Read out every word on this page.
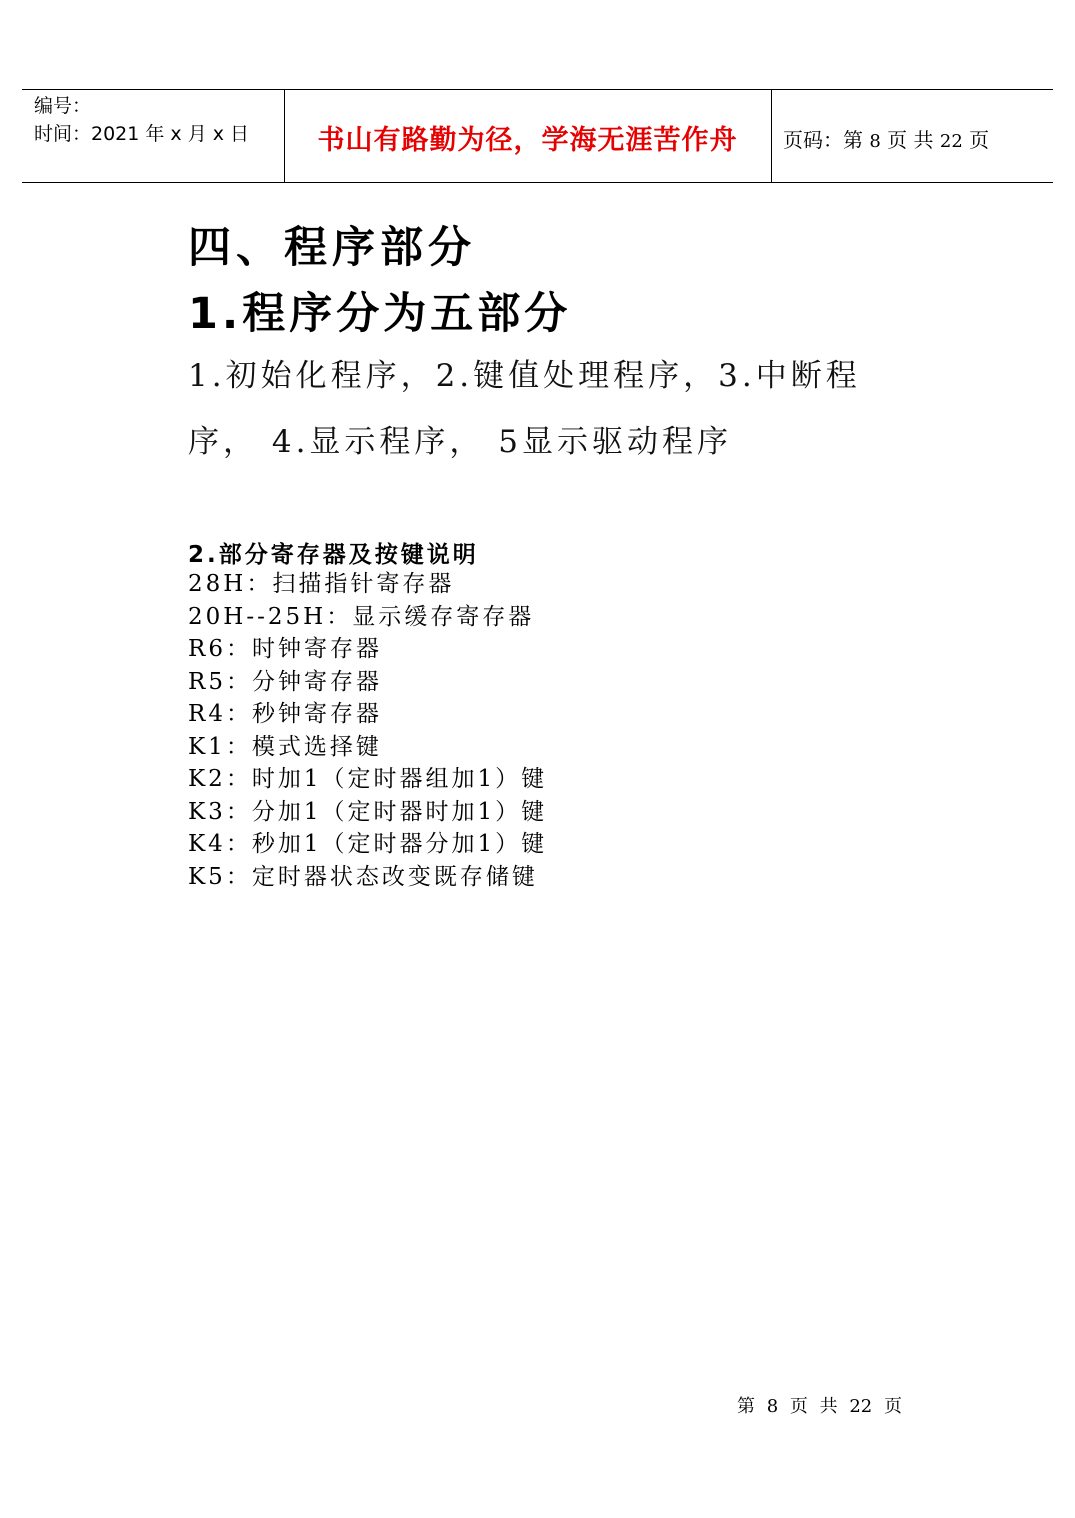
编号：
时间：2021 年 x 月 x 日	书山有路勤为径，学海无涯苦作舟	页码：第 8 页 共 22 页
四、程序部分
1.程序分为五部分
1.初始化程序，2.键值处理程序，3.中断程
序， 4.显示程序， 5显示驱动程序
2.部分寄存器及按键说明
28H：扫描指针寄存器
20H--25H：显示缓存寄存器
R6：时钟寄存器
R5：分钟寄存器
R4：秒钟寄存器
K1：模式选择键
K2：时加1（定时器组加1）键
K3：分加1（定时器时加1）键
K4：秒加1（定时器分加1）键
K5：定时器状态改变既存储键
第 8 页 共 22 页
